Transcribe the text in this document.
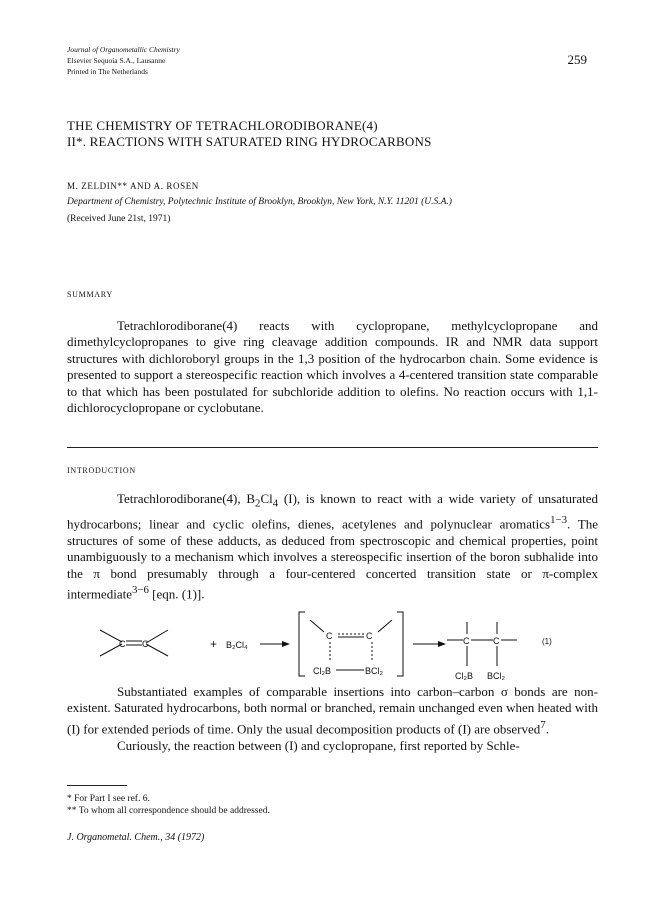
Journal of Organometallic Chemistry
Elsevier Sequoia S.A., Lausanne
Printed in The Netherlands
259
THE CHEMISTRY OF TETRACHLORODIBORANE(4)
II*. REACTIONS WITH SATURATED RING HYDROCARBONS
M. ZELDIN** AND A. ROSEN
Department of Chemistry, Polytechnic Institute of Brooklyn, Brooklyn, New York, N.Y. 11201 (U.S.A.)
(Received June 21st, 1971)
SUMMARY

Tetrachlorodiborane(4) reacts with cyclopropane, methylcyclopropane and dimethylcyclopropanes to give ring cleavage addition compounds. IR and NMR data support structures with dichloroboryl groups in the 1,3 position of the hydrocarbon chain. Some evidence is presented to support a stereospecific reaction which involves a 4-centered transition state comparable to that which has been postulated for subchloride addition to olefins. No reaction occurs with 1,1-dichlorocyclopropane or cyclobutane.

INTRODUCTION

Tetrachlorodiborane(4), $B_2Cl_4$ (I), is known to react with a wide variety of unsaturated hydrocarbons; linear and cyclic olefins, dienes, acetylenes and polynuclear aromatics$^{1-3}$. The structures of some of these adducts, as deduced from spectroscopic and chemical properties, point unambiguously to a mechanism which involves a stereospecific insertion of the boron subhalide into the π bond presumably through a four-centered concerted transition state or π-complex intermediate$^{3-6}$ [eqn. (1)].

C C	+ B₂Cl₄
C	C
Cl₂B	BCl₂
C	C
Cl₂B BCl₂
(1)

Substantiated examples of comparable insertions into carbon–carbon σ bonds are non-existent. Saturated hydrocarbons, both normal or branched, remain unchanged even when heated with (I) for extended periods of time. Only the usual decomposition products of (I) are observed$^7$.

Curiously, the reaction between (I) and cyclopropane, first reported by Schle-

* For Part I see ref. 6.
** To whom all correspondence should be addressed.
J. Organometal. Chem., 34 (1972)
